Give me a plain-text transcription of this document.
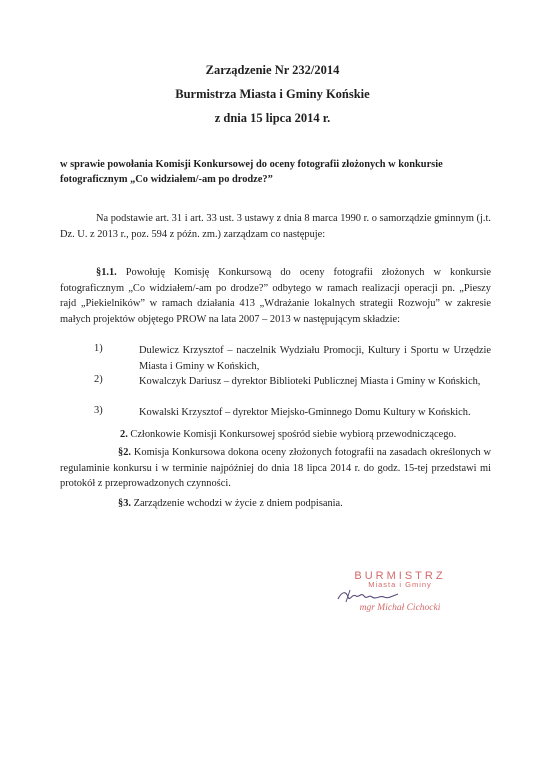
Zarządzenie Nr 232/2014
Burmistrza Miasta i Gminy Końskie
z dnia 15 lipca 2014 r.
w sprawie powołania Komisji Konkursowej do oceny fotografii złożonych w konkursie fotograficznym „Co widziałem/-am po drodze?”
Na podstawie art. 31 i art. 33 ust. 3 ustawy z dnia 8 marca 1990 r. o samorządzie gminnym (j.t. Dz. U. z 2013 r., poz. 594 z późn. zm.) zarządzam co następuje:
§1.1. Powołuję Komisję Konkursową do oceny fotografii złożonych w konkursie fotograficznym „Co widziałem/-am po drodze?” odbytego w ramach realizacji operacji pn. „Pieszy rajd „Piekielników” w ramach działania 413 „Wdrażanie lokalnych strategii Rozwoju” w zakresie małych projektów objętego PROW na lata 2007 – 2013 w następującym składzie:
1)	Dulewicz Krzysztof – naczelnik Wydziału Promocji, Kultury i Sportu w Urzędzie Miasta i Gminy w Końskich,
2)	Kowalczyk Dariusz – dyrektor Biblioteki Publicznej Miasta i Gminy w Końskich,
3)	Kowalski Krzysztof – dyrektor Miejsko-Gminnego Domu Kultury w Końskich.
2. Członkowie Komisji Konkursowej spośród siebie wybiorą przewodniczącego.
§2. Komisja Konkursowa dokona oceny złożonych fotografii na zasadach określonych w regulaminie konkursu i w terminie najpóźniej do dnia 18 lipca 2014 r. do godz. 15-tej przedstawi mi protokół z przeprowadzonych czynności.
§3. Zarządzenie wchodzi w życie z dniem podpisania.
BURMISTRZ
Miasta i Gminy
mgr Michał Cichocki
